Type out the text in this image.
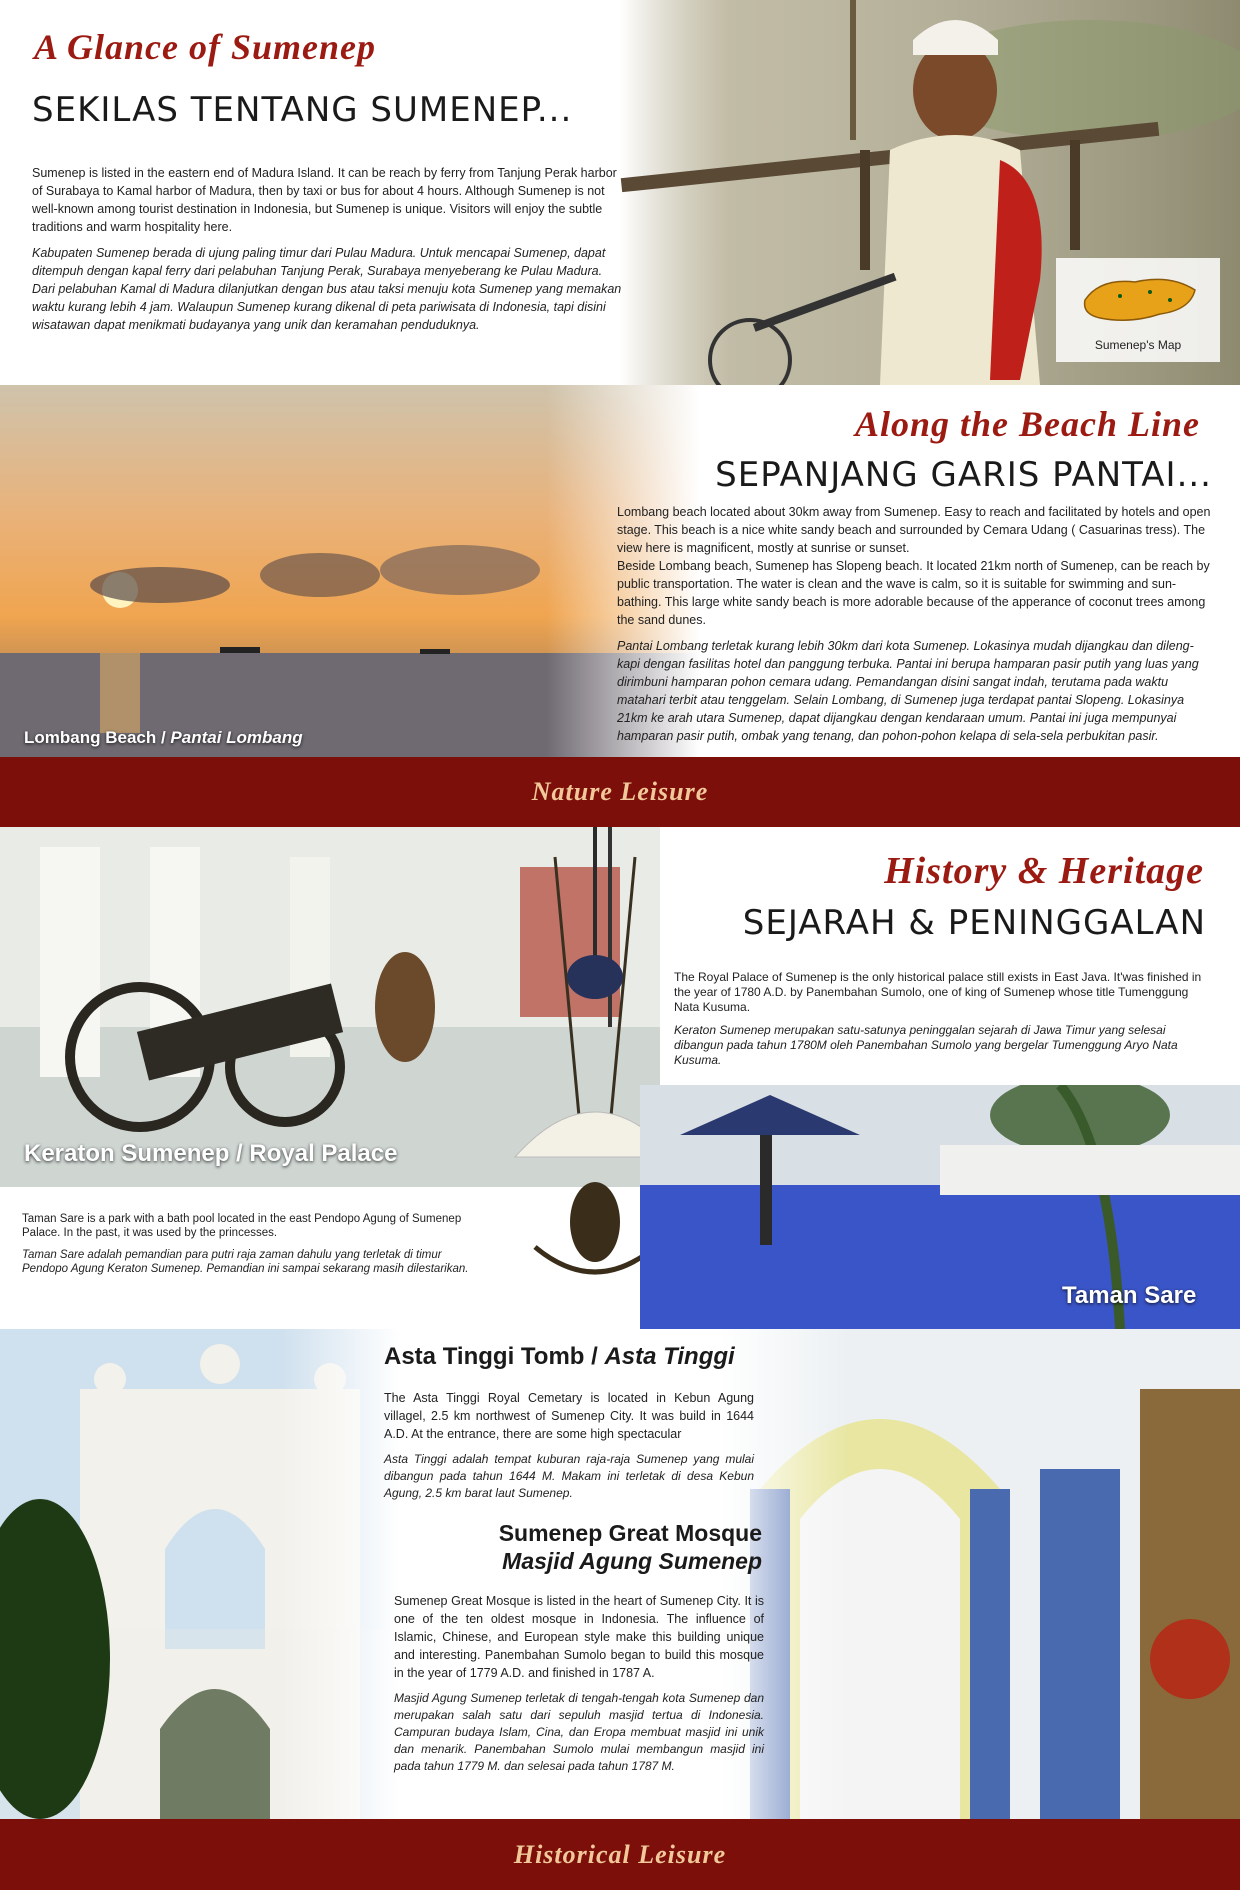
Sumenep's Map
A Glance of Sumenep
SEKILAS TENTANG SUMENEP...

Sumenep is listed in the eastern end of Madura Island. It can be reach by ferry from Tanjung Perak harbor of Surabaya to Kamal harbor of Madura, then by taxi or bus for about 4 hours. Although Sumenep is not well-known among tourist destination in Indonesia, but Sumenep is unique. Visitors will enjoy the subtle traditions and warm hospitality here.

Kabupaten Sumenep berada di ujung paling timur dari Pulau Madura. Untuk mencapai Sumenep, dapat ditempuh dengan kapal ferry dari pelabuhan Tanjung Perak, Surabaya menyeberang ke Pulau Madura. Dari pelabuhan Kamal di Madura dilanjutkan dengan bus atau taksi menuju kota Sumenep yang memakan waktu kurang lebih 4 jam. Walaupun Sumenep kurang dikenal di peta pariwisata di Indonesia, tapi disini wisatawan dapat menikmati budayanya yang unik dan keramahan penduduknya.

Lombang Beach / Pantai Lombang
Along the Beach Line
SEPANJANG GARIS PANTAI...

Lombang beach located about 30km away from Sumenep. Easy to reach and facilitated by hotels and open stage. This beach is a nice white sandy beach and surrounded by Cemara Udang ( Casuarinas tress). The view here is magnificent, mostly at sunrise or sunset.

Beside Lombang beach, Sumenep has Slopeng beach. It located 21km north of Sumenep, can be reach by public transportation. The water is clean and the wave is calm, so it is suitable for swimming and sun-bathing. This large white sandy beach is more adorable because of the apperance of coconut trees among the sand dunes.

Pantai Lombang terletak kurang lebih 30km dari kota Sumenep. Lokasinya mudah dijangkau dan dileng-kapi dengan fasilitas hotel dan panggung terbuka. Pantai ini berupa hamparan pasir putih yang luas yang dirimbuni hamparan pohon cemara udang. Pemandangan disini sangat indah, terutama pada waktu matahari terbit atau tenggelam. Selain Lombang, di Sumenep juga terdapat pantai Slopeng. Lokasinya 21km ke arah utara Sumenep, dapat dijangkau dengan kendaraan umum. Pantai ini juga mempunyai hamparan pasir putih, ombak yang tenang, dan pohon-pohon kelapa di sela-sela perbukitan pasir.

Nature Leisure
Keraton Sumenep / Royal Palace
History & Heritage
SEJARAH & PENINGGALAN

The Royal Palace of Sumenep is the only historical palace still exists in East Java. It'was finished in the year of 1780 A.D. by Panembahan Sumolo, one of king of Sumenep whose title Tumenggung Nata Kusuma.

Keraton Sumenep merupakan satu-satunya peninggalan sejarah di Jawa Timur yang selesai dibangun pada tahun 1780M oleh Panembahan Sumolo yang bergelar Tumenggung Aryo Nata Kusuma.

Taman Sare

Taman Sare is a park with a bath pool located in the east Pendopo Agung of Sumenep Palace. In the past, it was used by the princesses.

Taman Sare adalah pemandian para putri raja zaman dahulu yang terletak di timur Pendopo Agung Keraton Sumenep. Pemandian ini sampai sekarang masih dilestarikan.

Asta Tinggi Tomb / Asta Tinggi

The Asta Tinggi Royal Cemetary is located in Kebun Agung villagel, 2.5 km northwest of Sumenep City. It was build in 1644 A.D. At the entrance, there are some high spectacular

Asta Tinggi adalah tempat kuburan raja-raja Sumenep yang mulai dibangun pada tahun 1644 M. Makam ini terletak di desa Kebun Agung, 2.5 km barat laut Sumenep.

Sumenep Great Mosque
Masjid Agung Sumenep

Sumenep Great Mosque is listed in the heart of Sumenep City. It is one of the ten oldest mosque in Indonesia. The influence of Islamic, Chinese, and European style make this building unique and interesting. Panembahan Sumolo began to build this mosque in the year of 1779 A.D. and finished in 1787 A.

Masjid Agung Sumenep terletak di tengah-tengah kota Sumenep dan merupakan salah satu dari sepuluh masjid tertua di Indonesia. Campuran budaya Islam, Cina, dan Eropa membuat masjid ini unik dan menarik. Panembahan Sumolo mulai membangun masjid ini pada tahun 1779 M. dan selesai pada tahun 1787 M.

Historical Leisure
